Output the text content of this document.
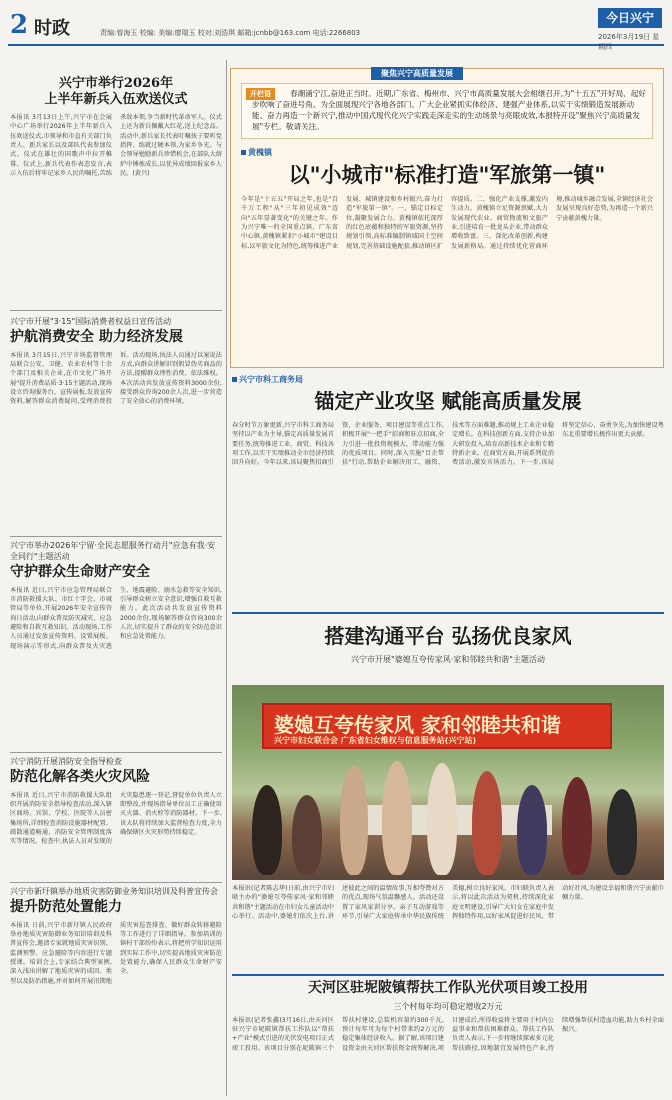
2 时政	责编:曾海玉 校编: 美编:廖瑞玉 校对:刘浩琪 邮箱:jcnbb@163.com 电话:2266803
今日兴宁
2026年3月19日 星期四
兴宁市举行2026年
上半年新兵入伍欢送仪式
本报讯 3月13日上午,兴宁市在会展中心广场举行2026年上半年新兵入伍欢送仪式,市领导和市直有关部门负责人、新兵家长以及部队代表参加仪式。仪式在雄壮的国歌声中拉开帷幕。仪式上,新兵代表作表态发言,表示入伍后将牢记家乡人民的嘱托,苦练杀敌本领,争当新时代革命军人。仪式上还为新兵佩戴大红花,送上纪念品。活动中,新兵家长代表叮嘱孩子要听党指挥、练就过硬本领,为家乡争光。与会领导勉励新兵珍惜机会,在部队大熔炉中锤炼成长,以优异成绩回报家乡人民。(黄兴)
兴宁市开展"3·15"国际消费者权益日宣传活动
护航消费安全 助力经济发展
本报讯 3月15日,兴宁市场监督管理局联合公安、卫健、农业农村等十余个部门及相关企业,在市文化广场开展"提升消费品质·3·15主题活动,现场设立咨询服务台、宣传展板,发放宣传资料,解答群众消费疑问,受理消费投诉。活动现场,执法人员通过以案说法方式,向群众讲解识别假冒伪劣商品的方法,提醒群众理性消费、依法维权。本次活动共发放宣传资料3000余份,接受群众咨询200余人次,进一步营造了安全放心的消费环境。
兴宁市举办2026年宁留·全民志愿服务行动月"应急有我·安全同行"主题活动
守护群众生命财产安全
本报讯 近日,兴宁市应急管理局联合市消防救援大队、市红十字会、市城管局等单位,开展2026年安全宣传咨询日活动,向群众普及防灾减灾、应急避险和自救互救知识。活动现场,工作人员通过发放宣传资料、设置展板、现场演示等形式,向群众普及火灾逃生、地震避险、溺水急救等安全知识,引导群众树立安全意识,增强自救互救能力。此次活动共发放宣传资料2000余份,现场解答群众咨询300余人次,切实提升了群众的安全防范意识和应急处置能力。
兴宁消防开展消防安全指导检查
防范化解各类火灾风险
本报讯 近日,兴宁市消防救援大队组织开展消防安全指导检查活动,深入辖区商场、宾馆、学校、医院等人员密集场所,详细检查消防设施器材配置、疏散通道畅通、消防安全管理制度落实等情况。检查中,执法人员对发现的火灾隐患逐一登记,督促单位负责人立即整改,并现场指导单位员工正确使用灭火器、消火栓等消防器材。下一步,该大队将持续加大监督检查力度,全力确保辖区火灾形势持续稳定。
兴宁市新圩镇举办地质灾害防御业务知识培训及科普宣传会
提升防范处置能力
本报讯 日前,兴宁市新圩镇人民政府举办地质灾害防御业务知识培训及科普宣传会,邀请专家就地质灾害识别、监测预警、应急避险等内容进行专题授课。培训会上,专家结合典型案例,深入浅出讲解了地质灾害的成因、类型以及防治措施,并对如何开展汛期地质灾害巡查排查、做好群众转移避险等工作进行了详细指导。参加培训的镇村干部纷纷表示,将把所学知识运用到实际工作中,切实提高地质灾害防范处置能力,确保人民群众生命财产安全。
聚焦兴宁高质量发展
开栏语	春潮涌宁江,奋进正当时。近期,广东省、梅州市、兴宁市高质量发展大会相继召开,为"十五五"开好局、起好步吹响了奋进号角。为全面展现兴宁各地各部门、广大企业紧抓实体经济、建强产业体系,以实干实绩锻造发展新动能、奋力再造一个新兴宁,推动中国式现代化兴宁实践走深走实的生动场景与亮眼成效,本报特开设"聚焦兴宁高质量发展"专栏。敬请关注。
黄槐镇
以"小城市"标准打造"军旅第一镇"
今年是"十五五"开局之年,也是"百千万工程"从"三年初见成效"迈向"五年显著变化"的关键之年。作为兴宁唯一的全国重点镇、广东省中心镇,黄槐镇紧扣"小城市"建设目标,以军旅文化为特色,统筹推进产业发展、城镇建设和乡村振兴,奋力打造"军旅第一镇"。一、锚定目标定位,凝聚发展合力。黄槐镇依托深厚的红色底蕴和独特的军旅资源,坚持规划引领,高标准编制镇域国土空间规划,完善基础设施配套,推动镇区扩容提质。二、强化产业支撑,激发内生动力。黄槐镇立足资源禀赋,大力发展现代农业、商贸物流和文旅产业,引进培育一批龙头企业,带动群众增收致富。三、深化改革创新,构建发展新格局。通过持续优化营商环境,推动城乡融合发展,全镇经济社会发展呈现良好态势,为再造一个新兴宁贡献黄槐力量。
兴宁市科工商务局
锚定产业攻坚 赋能高质量发展
春分时节万象更新,兴宁市科工商务局坚持以产业为主导,锚定高质量发展首要任务,统筹推进工业、商贸、科技各项工作,以实干实绩推动全市经济持续回升向好。今年以来,该局聚焦招商引资、企业服务、项目建设等重点工作,积极开展"一把手"招商和驻点招商,全力引进一批投资规模大、带动能力强的优质项目。同时,深入实施"百企帮扶"行动,帮助企业解决用工、融资、技术等方面难题,推动规上工业企业稳定增长。在科技创新方面,支持企业加大研发投入,培育高新技术企业和专精特新企业。在商贸方面,开展系列促消费活动,激发市场活力。下一步,该局将坚定信心、奋勇争先,为加快建设粤东北重要增长极作出更大贡献。
搭建沟通平台 弘扬优良家风
兴宁市开展"婆媳互夸传家风·家和邻睦共和谐"主题活动
婆媳互夸传家风 家和邻睦共和谐
兴宁市妇女联合会 广东省妇女维权与信息服务站(兴宁站)
本报讯(记者陈志华)日前,由兴宁市妇联主办的"婆媳互夸传家风·家和邻睦共和谐"主题活动在市妇女儿童活动中心举行。活动中,婆媳们依次上台,讲述彼此之间的温情故事,互相夸赞对方的优点,现场气氛温馨感人。活动还设置了家风家训分享、亲子互动游戏等环节,引导广大家庭传承中华民族传统美德,树立良好家风。市妇联负责人表示,将以此次活动为契机,持续深化家庭文明建设,引导广大妇女在家庭中发挥独特作用,以好家风促进好民风、带动好社风,为建设幸福和谐兴宁贡献巾帼力量。
天河区驻坭陂镇帮扶工作队光伏项目竣工投用
三个村每年均可稳定增收2万元
本报讯(记者张鑫)3月16日,由天河区驻兴宁市坭陂镇帮扶工作队以"帮扶+产业"模式引进的光伏发电项目正式竣工投用。该项目分别在坭陂镇三个帮扶村建设,总装机容量约300千瓦,预计每年可为每个村带来约2万元的稳定集体经济收入。据了解,该项目建设资金由天河区帮扶资金统筹解决,项目建成后,所得收益将主要用于村内公益事业和帮扶困难群众。帮扶工作队负责人表示,下一步将继续探索多元化帮扶路径,因地制宜发展特色产业,持续增强帮扶村造血功能,助力乡村全面振兴。
